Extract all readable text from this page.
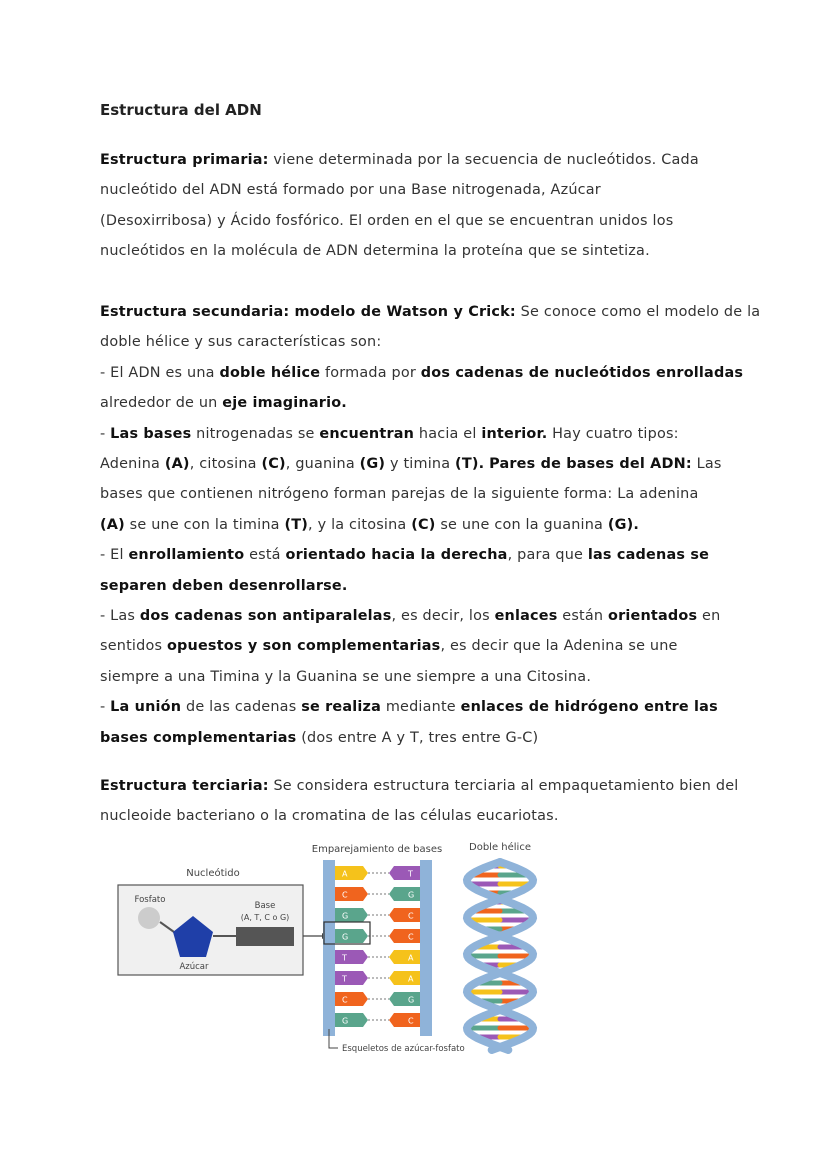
Estructura del ADN
Estructura primaria: viene determinada por la secuencia de nucleótidos. Cada
nucleótido del ADN está formado por una Base nitrogenada, Azúcar
(Desoxirribosa) y Ácido fosfórico. El orden en el que se encuentran unidos los
nucleótidos en la molécula de ADN determina la proteína que se sintetiza.
Estructura secundaria: modelo de Watson y Crick: Se conoce como el modelo de la
doble hélice y sus características son:
- El ADN es una doble hélice formada por dos cadenas de nucleótidos enrolladas
alrededor de un eje imaginario.
- Las bases nitrogenadas se encuentran hacia el interior. Hay cuatro tipos:
Adenina (A), citosina (C), guanina (G) y timina (T). Pares de bases del ADN: Las
bases que contienen nitrógeno forman parejas de la siguiente forma: La adenina
(A) se une con la timina (T), y la citosina (C) se une con la guanina (G).
- El enrollamiento está orientado hacia la derecha, para que las cadenas se
separen deben desenrollarse.
- Las dos cadenas son antiparalelas, es decir, los enlaces están orientados en
sentidos opuestos y son complementarias, es decir que la Adenina se une
siempre a una Timina y la Guanina se une siempre a una Citosina.
- La unión de las cadenas se realiza mediante enlaces de hidrógeno entre las
bases complementarias (dos entre A y T, tres entre G-C)
Estructura terciaria: Se considera estructura terciaria al empaquetamiento bien del
nucleoide bacteriano o la cromatina de las células eucariotas.
Nucleótido
Fosfato
Azúcar
Base
(A, T, C o G)
Emparejamiento de bases
A	T
C	G
G	C
G	C
T	A
T	A
C	G
G	C
Doble hélice
Esqueletos de azúcar-fosfato
